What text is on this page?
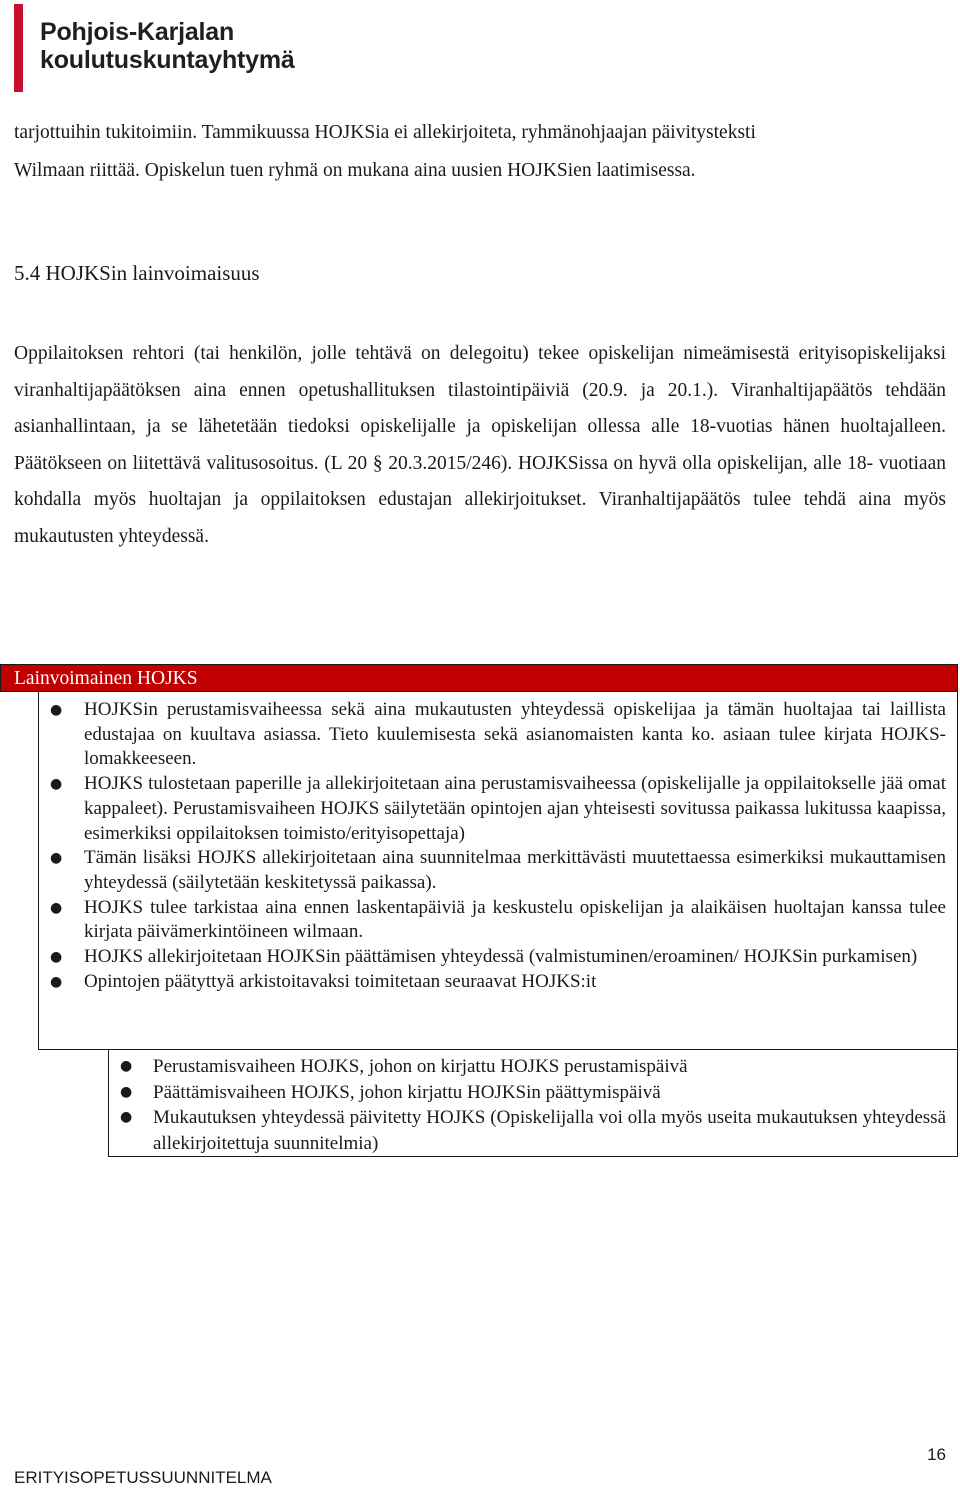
Pohjois-Karjalan
koulutuskuntayhtymä

tarjottuihin tukitoimiin. Tammikuussa HOJKSia ei allekirjoiteta, ryhmänohjaajan päivitysteksti
Wilmaan riittää. Opiskelun tuen ryhmä on mukana aina uusien HOJKSien laatimisessa.

5.4 HOJKSin lainvoimaisuus

Oppilaitoksen rehtori (tai henkilön, jolle tehtävä on delegoitu) tekee opiskelijan nimeämisestä erityisopiskelijaksi viranhaltijapäätöksen aina ennen opetushallituksen tilastointipäiviä (20.9. ja 20.1.). Viranhaltijapäätös tehdään asianhallintaan, ja se lähetetään tiedoksi opiskelijalle ja opiskelijan ollessa alle 18-vuotias hänen huoltajalleen. Päätökseen on liitettävä valitusosoitus. (L 20 § 20.3.2015/246). HOJKSissa on hyvä olla opiskelijan, alle 18- vuotiaan kohdalla myös huoltajan ja oppilaitoksen edustajan allekirjoitukset. Viranhaltijapäätös tulee tehdä aina myös mukautusten yhteydessä.

Lainvoimainen HOJKS
● HOJKSin perustamisvaiheessa sekä aina mukautusten yhteydessä opiskelijaa ja tämän huoltajaa tai laillista edustajaa on kuultava asiassa. Tieto kuulemisesta sekä asianomaisten kanta ko. asiaan tulee kirjata HOJKS-lomakkeeseen.
● HOJKS tulostetaan paperille ja allekirjoitetaan aina perustamisvaiheessa (opiskelijalle ja oppilaitokselle jää omat kappaleet). Perustamisvaiheen HOJKS säilytetään opintojen ajan yhteisesti sovitussa paikassa lukitussa kaapissa, esimerkiksi oppilaitoksen toimisto/erityisopettaja)
● Tämän lisäksi HOJKS allekirjoitetaan aina suunnitelmaa merkittävästi muutettaessa esimerkiksi mukauttamisen yhteydessä (säilytetään keskitetyssä paikassa).
● HOJKS tulee tarkistaa aina ennen laskentapäiviä ja keskustelu opiskelijan ja alaikäisen huoltajan kanssa tulee kirjata päivämerkintöineen wilmaan.
● HOJKS allekirjoitetaan HOJKSin päättämisen yhteydessä (valmistuminen/eroaminen/ HOJKSin purkamisen)
● Opintojen päätyttyä arkistoitavaksi toimitetaan seuraavat HOJKS:it
● Perustamisvaiheen HOJKS, johon on kirjattu HOJKS perustamispäivä
● Päättämisvaiheen HOJKS, johon kirjattu HOJKSin päättymispäivä
● Mukautuksen yhteydessä päivitetty HOJKS (Opiskelijalla voi olla myös useita mukautuksen yhteydessä allekirjoitettuja suunnitelmia)
16
ERITYISOPETUSSUUNNITELMA
